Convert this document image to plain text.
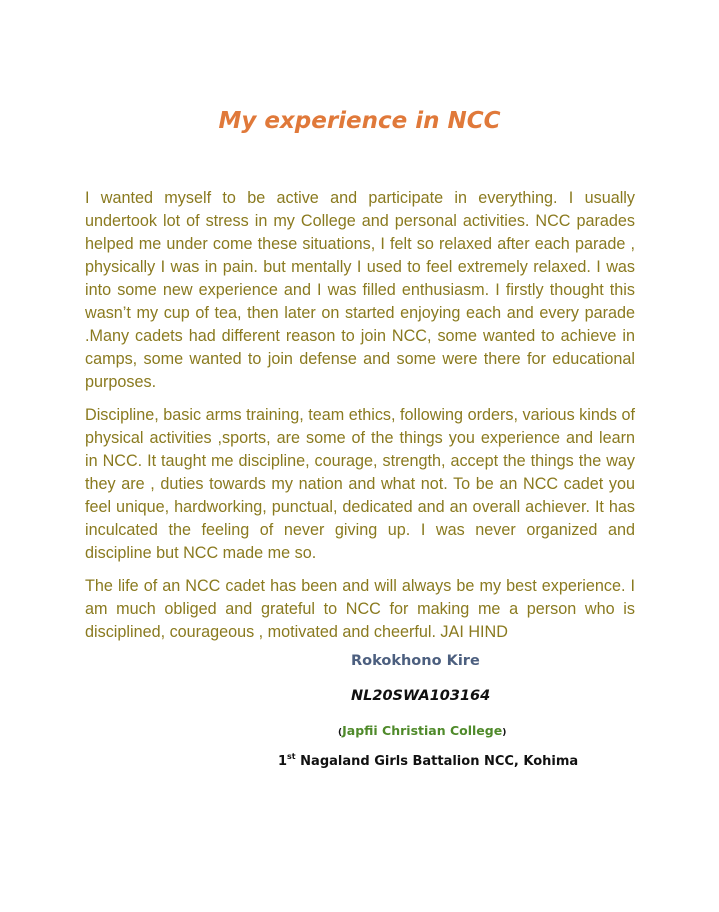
My experience in NCC

I wanted myself to be active and participate in everything. I usually undertook lot of stress in my College and personal activities. NCC parades helped me under come these situations, I felt so relaxed after each parade , physically I was in pain. but mentally I used to feel extremely relaxed. I was into some new experience and I was filled enthusiasm. I firstly thought this wasn’t my cup of tea, then later on started enjoying each and every parade .Many cadets had different reason to join NCC, some wanted to achieve in camps, some wanted to join defense and some were there for educational purposes.

Discipline, basic arms training, team ethics, following orders, various kinds of physical activities ,sports, are some of the things you experience and learn in NCC. It taught me discipline, courage, strength, accept the things the way they are , duties towards my nation and what not. To be an NCC cadet you feel unique, hardworking, punctual, dedicated and an overall achiever. It has inculcated the feeling of never giving up. I was never organized and discipline but NCC made me so.

The life of an NCC cadet has been and will always be my best experience. I am much obliged and grateful to NCC for making me a person who is disciplined, courageous , motivated and cheerful. JAI HIND

Rokokhono Kire

NL20SWA103164

(Japfii Christian College)

1st Nagaland Girls Battalion NCC, Kohima
